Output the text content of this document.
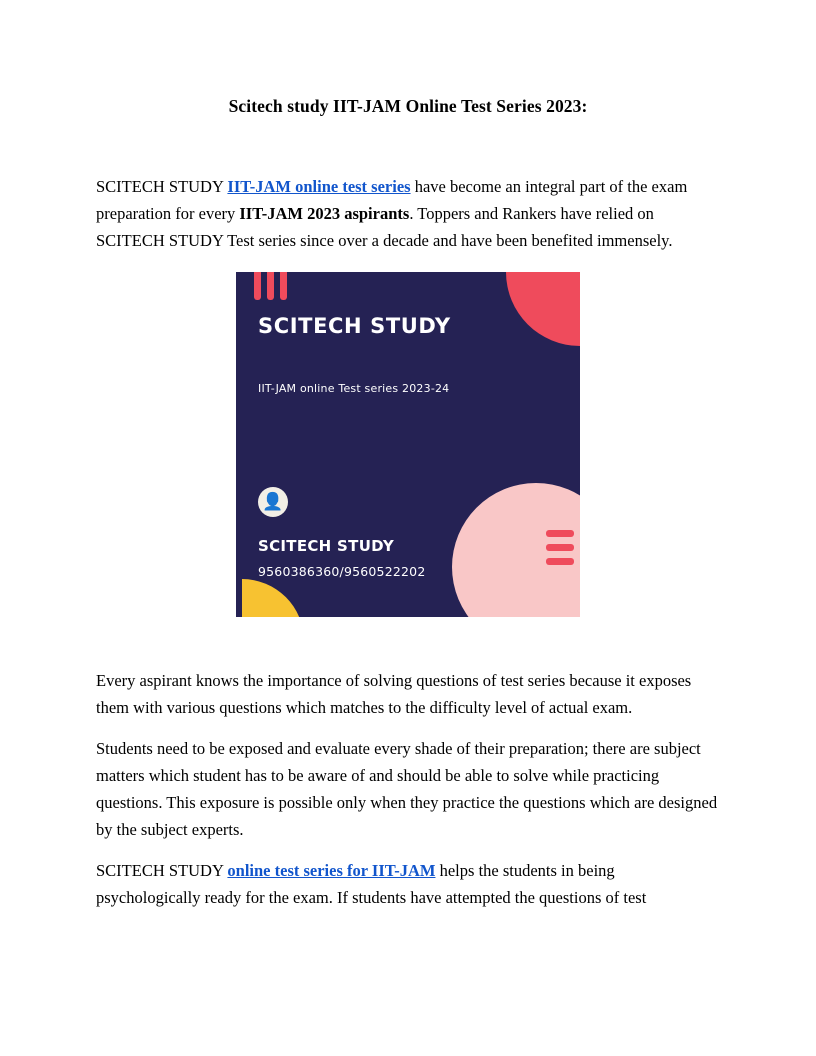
Scitech study IIT-JAM Online Test Series 2023:

SCITECH STUDY IIT-JAM online test series have become an integral part of the exam preparation for every IIT-JAM 2023 aspirants. Toppers and Rankers have relied on SCITECH STUDY Test series since over a decade and have been benefited immensely.

SCITECH STUDY
IIT-JAM online Test series 2023-24
👤
SCITECH STUDY
9560386360/9560522202

Every aspirant knows the importance of solving questions of test series because it exposes them with various questions which matches to the difficulty level of actual exam.

Students need to be exposed and evaluate every shade of their preparation; there are subject matters which student has to be aware of and should be able to solve while practicing questions. This exposure is possible only when they practice the questions which are designed by the subject experts.

SCITECH STUDY online test series for IIT-JAM helps the students in being psychologically ready for the exam. If students have attempted the questions of test
